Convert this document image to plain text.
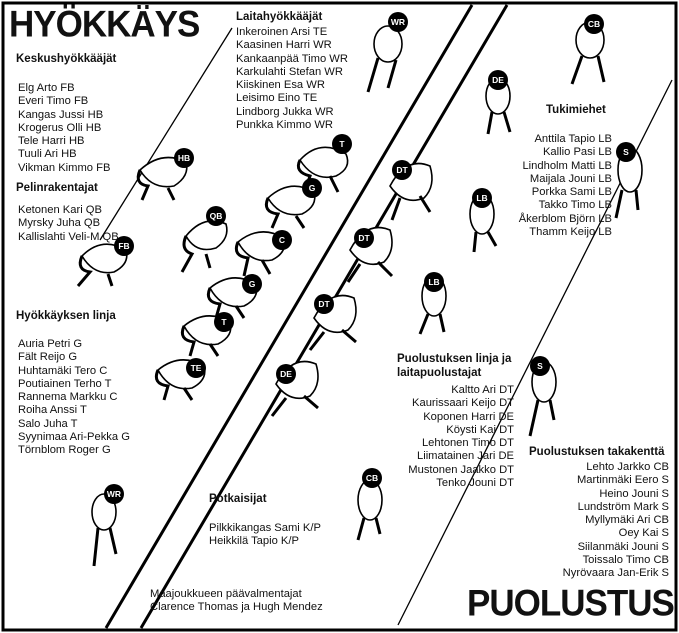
WR
T
G
C
G
T
TE
HB
QB
FB
WR
DT
DT
DT
DE
CB
DE
LB
LB
S
S
CB
HYÖKKÄYS
PUOLUSTUS
Laitahyökkääjät
Inkeroinen Arsi TE
Kaasinen Harri WR
Kankaanpää Timo WR
Karkulahti Stefan WR
Kiiskinen Esa WR
Leisimo Eino TE
Lindborg Jukka WR
Punkka Kimmo WR
Keskushyökkääjät
Elg Arto FB
Everi Timo FB
Kangas Jussi HB
Krogerus Olli HB
Tele Harri HB
Tuuli Ari HB
Vikman Kimmo FB
Pelinrakentajat
Ketonen Kari QB
Myrsky Juha QB
Kallislahti Veli-M QB
Hyökkäyksen linja
Auria Petri G
Fält Reijo G
Huhtamäki Tero C
Poutiainen Terho T
Rannema Markku C
Roiha Anssi T
Salo Juha T
Syynimaa Ari-Pekka G
Törnblom Roger G
Potkaisijat
Pilkkikangas Sami K/P
Heikkilä Tapio K/P
Maajoukkueen päävalmentajat
Clarence Thomas ja Hugh Mendez
Tukimiehet
Anttila Tapio LB
Kallio Pasi LB
Lindholm Matti LB
Maijala Jouni LB
Porkka Sami LB
Takko Timo LB
Åkerblom Björn LB
Thamm Keijo LB
Puolustuksen linja ja
laitapuolustajat
Kaltto Ari DT
Kaurissaari Keijo DT
Koponen Harri DE
Köysti Kai DT
Lehtonen Timo DT
Liimatainen Jari DE
Mustonen Jaakko DT
Tenko Jouni DT
Puolustuksen takakenttä
Lehto Jarkko CB
Martinmäki Eero S
Heino Jouni S
Lundström Mark S
Myllymäki Ari CB
Oey Kai S
Siilanmäki Jouni S
Toissalo Timo CB
Nyrövaara Jan-Erik S
